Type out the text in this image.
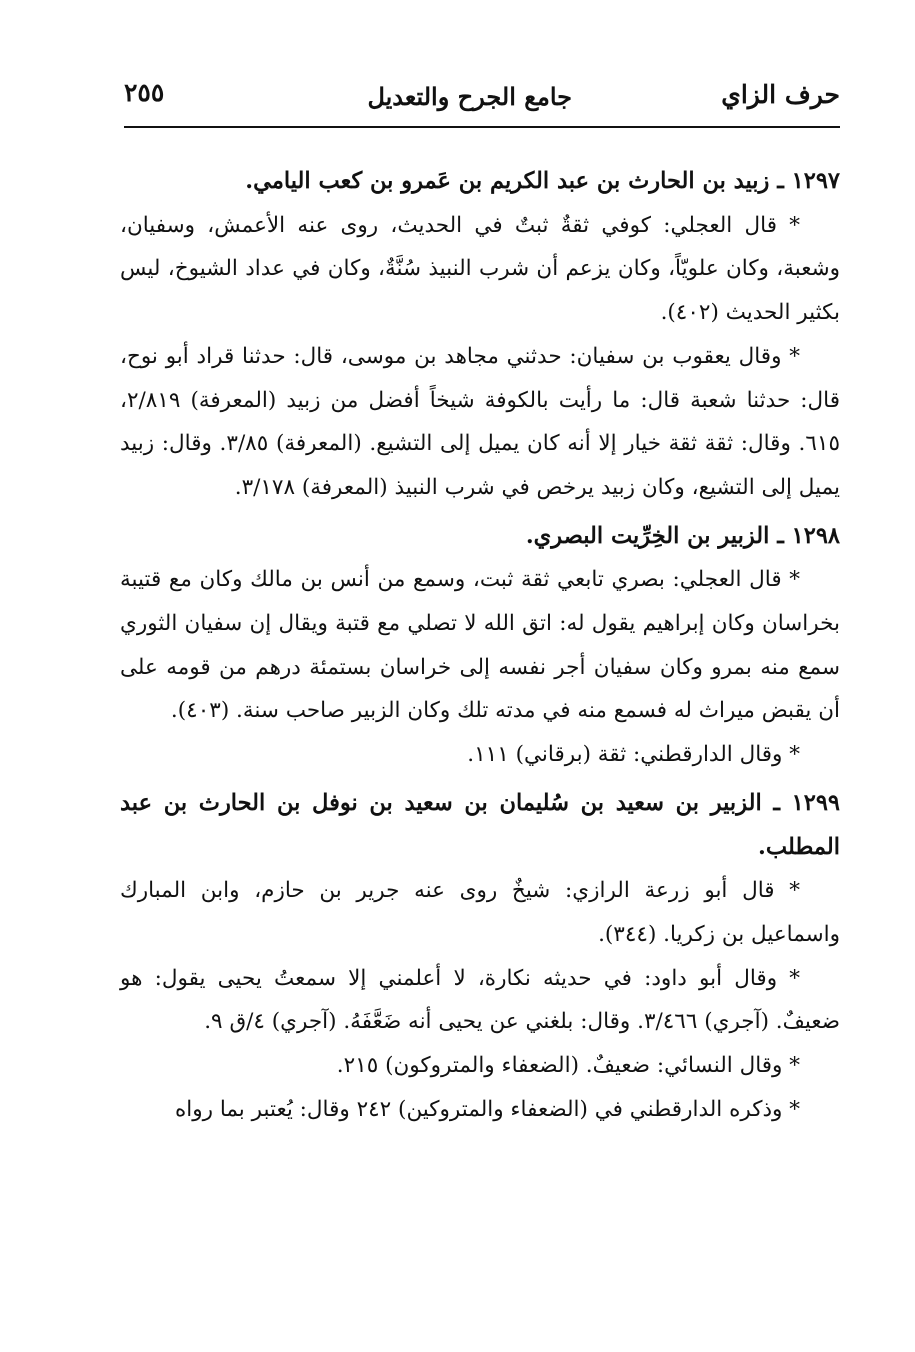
حرف الزاي
جامع الجرح والتعديل
٢٥٥

١٢٩٧ ـ زبيد بن الحارث بن عبد الكريم بن عَمرو بن كعب اليامي.

* قال العجلي: كوفي ثقةٌ ثبتٌ في الحديث، روى عنه الأعمش، وسفيان، وشعبة، وكان علويّاً، وكان يزعم أن شرب النبيذ سُنَّةٌ، وكان في عداد الشيوخ، ليس بكثير الحديث (٤٠٢).

* وقال يعقوب بن سفيان: حدثني مجاهد بن موسى، قال: حدثنا قراد أبو نوح، قال: حدثنا شعبة قال: ما رأيت بالكوفة شيخاً أفضل من زبيد (المعرفة) ٢/٨١٩، ٦١٥. وقال: ثقة ثقة خيار إلا أنه كان يميل إلى التشيع. (المعرفة) ٣/٨٥. وقال: زبيد يميل إلى التشيع، وكان زبيد يرخص في شرب النبيذ (المعرفة) ٣/١٧٨.

١٢٩٨ ـ الزبير بن الخِرِّيت البصري.

* قال العجلي: بصري تابعي ثقة ثبت، وسمع من أنس بن مالك وكان مع قتيبة بخراسان وكان إبراهيم يقول له: اتق الله لا تصلي مع قتبة ويقال إن سفيان الثوري سمع منه بمرو وكان سفيان أجر نفسه إلى خراسان بستمئة درهم من قومه على أن يقبض ميراث له فسمع منه في مدته تلك وكان الزبير صاحب سنة. (٤٠٣).

* وقال الدارقطني: ثقة (برقاني) ١١١.

١٢٩٩ ـ الزبير بن سعيد بن سُليمان بن سعيد بن نوفل بن الحارث بن عبد المطلب.

* قال أبو زرعة الرازي: شيخٌ روى عنه جرير بن حازم، وابن المبارك واسماعيل بن زكريا. (٣٤٤).

* وقال أبو داود: في حديثه نكارة، لا أعلمني إلا سمعتُ يحيى يقول: هو ضعيفٌ. (آجري) ٣/٤٦٦. وقال: بلغني عن يحيى أنه ضَعَّفَهُ. (آجري) ٤/ق ٩.

* وقال النسائي: ضعيفٌ. (الضعفاء والمتروكون) ٢١٥.

* وذكره الدارقطني في (الضعفاء والمتروكين) ٢٤٢ وقال: يُعتبر بما رواه
